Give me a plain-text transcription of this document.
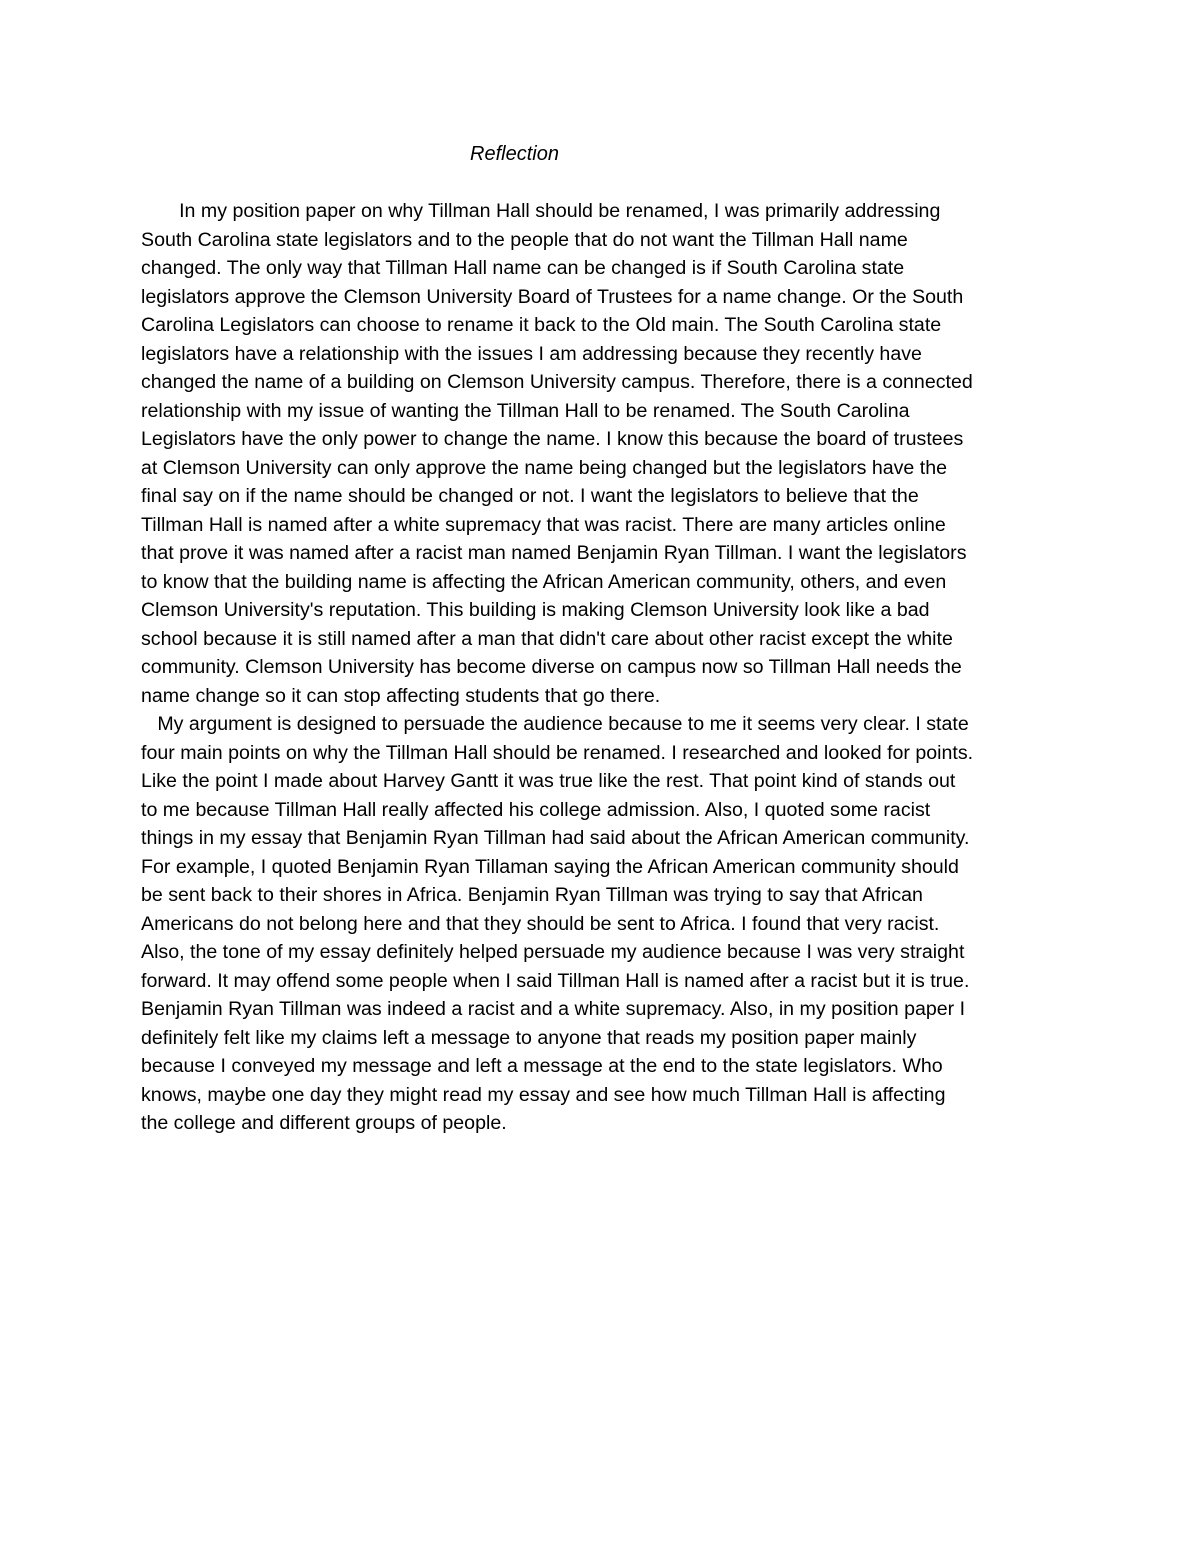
Reflection
In my position paper on why Tillman Hall should be renamed, I was primarily addressing
South Carolina state legislators and to the people that do not want the Tillman Hall name
changed. The only way that Tillman Hall name can be changed is if South Carolina state
legislators approve the Clemson University Board of Trustees for a name change. Or the South
Carolina Legislators can choose to rename it back to the Old main. The South Carolina state
legislators have a relationship with the issues I am addressing because they recently have
changed the name of a building on Clemson University campus. Therefore, there is a connected
relationship with my issue of wanting the Tillman Hall to be renamed. The South Carolina
Legislators have the only power to change the name. I know this because the board of trustees
at Clemson University can only approve the name being changed but the legislators have the
final say on if the name should be changed or not. I want the legislators to believe that the
Tillman Hall is named after a white supremacy that was racist. There are many articles online
that prove it was named after a racist man named Benjamin Ryan Tillman. I want the legislators
to know that the building name is affecting the African American community, others, and even
Clemson University's reputation. This building is making Clemson University look like a bad
school because it is still named after a man that didn't care about other racist except the white
community. Clemson University has become diverse on campus now so Tillman Hall needs the
name change so it can stop affecting students that go there.
My argument is designed to persuade the audience because to me it seems very clear. I state
four main points on why the Tillman Hall should be renamed. I researched and looked for points.
Like the point I made about Harvey Gantt it was true like the rest. That point kind of stands out
to me because Tillman Hall really affected his college admission. Also, I quoted some racist
things in my essay that Benjamin Ryan Tillman had said about the African American community.
For example, I quoted Benjamin Ryan Tillaman saying the African American community should
be sent back to their shores in Africa. Benjamin Ryan Tillman was trying to say that African
Americans do not belong here and that they should be sent to Africa. I found that very racist.
Also, the tone of my essay definitely helped persuade my audience because I was very straight
forward. It may offend some people when I said Tillman Hall is named after a racist but it is true.
Benjamin Ryan Tillman was indeed a racist and a white supremacy. Also, in my position paper I
definitely felt like my claims left a message to anyone that reads my position paper mainly
because I conveyed my message and left a message at the end to the state legislators. Who
knows, maybe one day they might read my essay and see how much Tillman Hall is affecting
the college and different groups of people.
